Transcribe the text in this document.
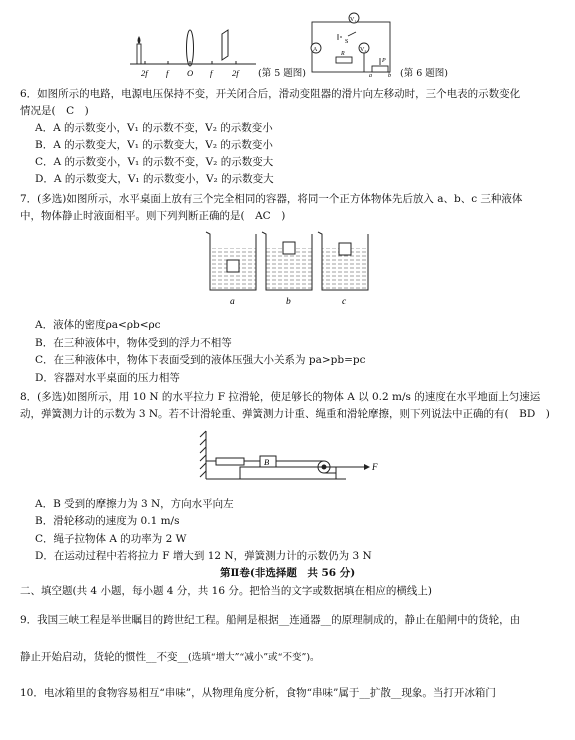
2f f O f 2f (第 5 题图)
V₁
A	V₂
S
R
P
a	b (第 6 题图)
6．如图所示的电路，电源电压保持不变，开关闭合后，滑动变阻器的滑片向左移动时，三个电表的示数变化
情况是(　C　)
A．A 的示数变小，V₁ 的示数不变，V₂ 的示数变小
B．A 的示数变大，V₁ 的示数变大，V₂ 的示数变小
C．A 的示数变小，V₁ 的示数不变，V₂ 的示数变大
D．A 的示数变大，V₁ 的示数变小，V₂ 的示数变大
7．(多选)如图所示，水平桌面上放有三个完全相同的容器，将同一个正方体物体先后放入 a、b、c 三种液体
中，物体静止时液面相平。则下列判断正确的是(　AC　)
a	b	c
A．液体的密度ρa<ρb<ρc
B．在三种液体中，物体受到的浮力不相等
C．在三种液体中，物体下表面受到的液体压强大小关系为 pa>pb=pc
D．容器对水平桌面的压力相等
8．(多选)如图所示，用 10 N 的水平拉力 F 拉滑轮，使足够长的物体 A 以 0.2 m/s 的速度在水平地面上匀速运
动，弹簧测力计的示数为 3 N。若不计滑轮重、弹簧测力计重、绳重和滑轮摩擦，则下列说法中正确的有(　BD　)
B	F
A．B 受到的摩擦力为 3 N，方向水平向左
B．滑轮移动的速度为 0.1 m/s
C．绳子拉物体 A 的功率为 2 W
D．在运动过程中若将拉力 F 增大到 12 N，弹簧测力计的示数仍为 3 N
第Ⅱ卷(非选择题　共 56 分)
二、填空题(共 4 小题，每小题 4 分，共 16 分。把恰当的文字或数据填在相应的横线上)
9．我国三峡工程是举世瞩目的跨世纪工程。船闸是根据__连通器__的原理制成的，静止在船闸中的货轮，由
静止开始启动，货轮的惯性__不变__(选填“增大”“减小”或“不变”)。
10．电冰箱里的食物容易相互“串味”，从物理角度分析，食物“串味”属于__扩散__现象。当打开冰箱门
